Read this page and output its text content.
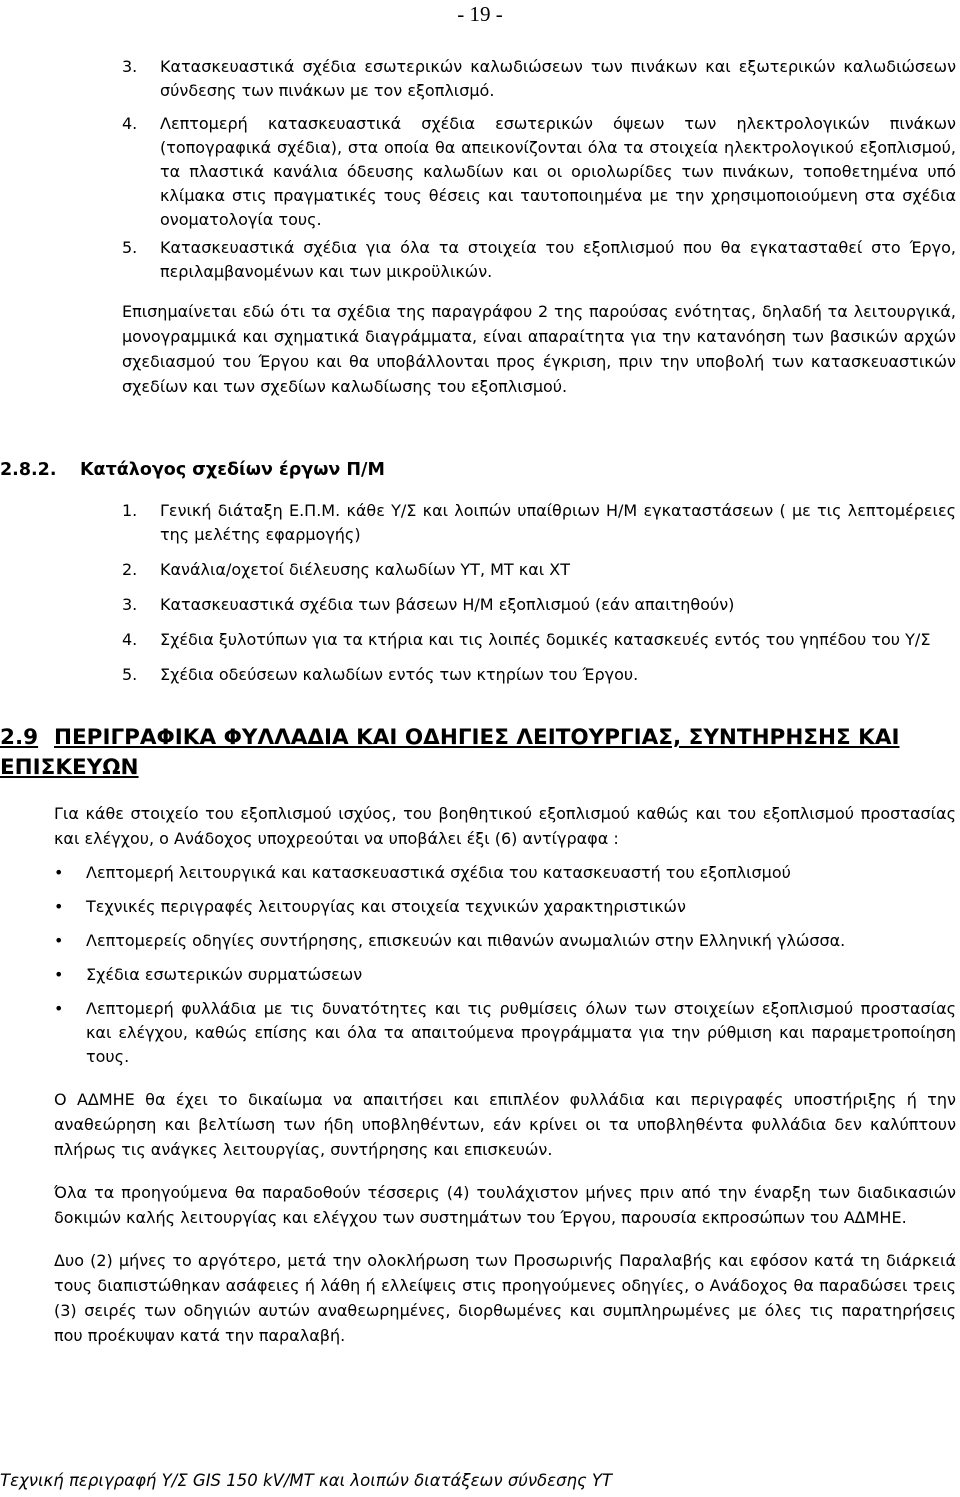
- 19 -
3.	Κατασκευαστικά σχέδια εσωτερικών καλωδιώσεων των πινάκων και εξωτερικών καλωδιώσεων σύνδεσης των πινάκων με τον εξοπλισμό.
4.	Λεπτομερή κατασκευαστικά σχέδια εσωτερικών όψεων των ηλεκτρολογικών πινάκων (τοπογραφικά σχέδια), στα οποία θα απεικονίζονται όλα τα στοιχεία ηλεκτρολογικού εξοπλισμού, τα πλαστικά κανάλια όδευσης καλωδίων και οι οριολωρίδες των πινάκων, τοποθετημένα υπό κλίμακα στις πραγματικές τους θέσεις και ταυτοποιημένα με την χρησιμοποιούμενη στα σχέδια ονοματολογία τους.
5.	Κατασκευαστικά σχέδια για όλα τα στοιχεία του εξοπλισμού που θα εγκατασταθεί στο Έργο, περιλαμβανομένων και των μικροϋλικών.

Επισημαίνεται εδώ ότι τα σχέδια της παραγράφου 2 της παρούσας ενότητας, δηλαδή τα λειτουργικά, μονογραμμικά και σχηματικά διαγράμματα, είναι απαραίτητα για την κατανόηση των βασικών αρχών σχεδιασμού του Έργου και θα υποβάλλονται προς έγκριση, πριν την υποβολή των κατασκευαστικών σχεδίων και των σχεδίων καλωδίωσης του εξοπλισμού.

2.8.2.	Κατάλογος σχεδίων έργων Π/Μ
1.	Γενική διάταξη Ε.Π.Μ. κάθε Υ/Σ και λοιπών υπαίθριων Η/Μ εγκαταστάσεων ( με τις λεπτομέρειες της μελέτης εφαρμογής)
2.	Κανάλια/οχετοί διέλευσης καλωδίων ΥΤ, ΜΤ και ΧΤ
3.	Κατασκευαστικά σχέδια των βάσεων Η/Μ εξοπλισμού (εάν απαιτηθούν)
4.	Σχέδια ξυλοτύπων για τα κτήρια και τις λοιπές δομικές κατασκευές εντός του γηπέδου του Υ/Σ
5.	Σχέδια οδεύσεων καλωδίων εντός των κτηρίων του Έργου.
2.9 ΠΕΡΙΓΡΑΦΙΚΑ ΦΥΛΛΑΔΙΑ ΚΑΙ ΟΔΗΓΙΕΣ ΛΕΙΤΟΥΡΓΙΑΣ, ΣΥΝΤΗΡΗΣΗΣ ΚΑΙ ΕΠΙΣΚΕΥΩΝ

Για κάθε στοιχείο του εξοπλισμού ισχύος, του βοηθητικού εξοπλισμού καθώς και του εξοπλισμού προστασίας και ελέγχου, ο Ανάδοχος υποχρεούται να υποβάλει έξι (6) αντίγραφα :

•	Λεπτομερή λειτουργικά και κατασκευαστικά σχέδια του κατασκευαστή του εξοπλισμού
•	Τεχνικές περιγραφές λειτουργίας και στοιχεία τεχνικών χαρακτηριστικών
•	Λεπτομερείς οδηγίες συντήρησης, επισκευών και πιθανών ανωμαλιών στην Ελληνική γλώσσα.
•	Σχέδια εσωτερικών συρματώσεων
•	Λεπτομερή φυλλάδια με τις δυνατότητες και τις ρυθμίσεις όλων των στοιχείων εξοπλισμού προστασίας και ελέγχου, καθώς επίσης και όλα τα απαιτούμενα προγράμματα για την ρύθμιση και παραμετροποίηση τους.

Ο ΑΔΜΗΕ θα έχει το δικαίωμα να απαιτήσει και επιπλέον φυλλάδια και περιγραφές υποστήριξης ή την αναθεώρηση και βελτίωση των ήδη υποβληθέντων, εάν κρίνει οι τα υποβληθέντα φυλλάδια δεν καλύπτουν πλήρως τις ανάγκες λειτουργίας, συντήρησης και επισκευών.

Όλα τα προηγούμενα θα παραδοθούν τέσσερις (4) τουλάχιστον μήνες πριν από την έναρξη των διαδικασιών δοκιμών καλής λειτουργίας και ελέγχου των συστημάτων του Έργου, παρουσία εκπροσώπων του ΑΔΜΗΕ.

Δυο (2) μήνες το αργότερο, μετά την ολοκλήρωση των Προσωρινής Παραλαβής και εφόσον κατά τη διάρκειά τους διαπιστώθηκαν ασάφειες ή λάθη ή ελλείψεις στις προηγούμενες οδηγίες, ο Ανάδοχος θα παραδώσει τρεις (3) σειρές των οδηγιών αυτών αναθεωρημένες, διορθωμένες και συμπληρωμένες με όλες τις παρατηρήσεις που προέκυψαν κατά την παραλαβή.

Τεχνική περιγραφή Υ/Σ GIS 150 kV/ΜΤ και λοιπών διατάξεων σύνδεσης ΥΤ
